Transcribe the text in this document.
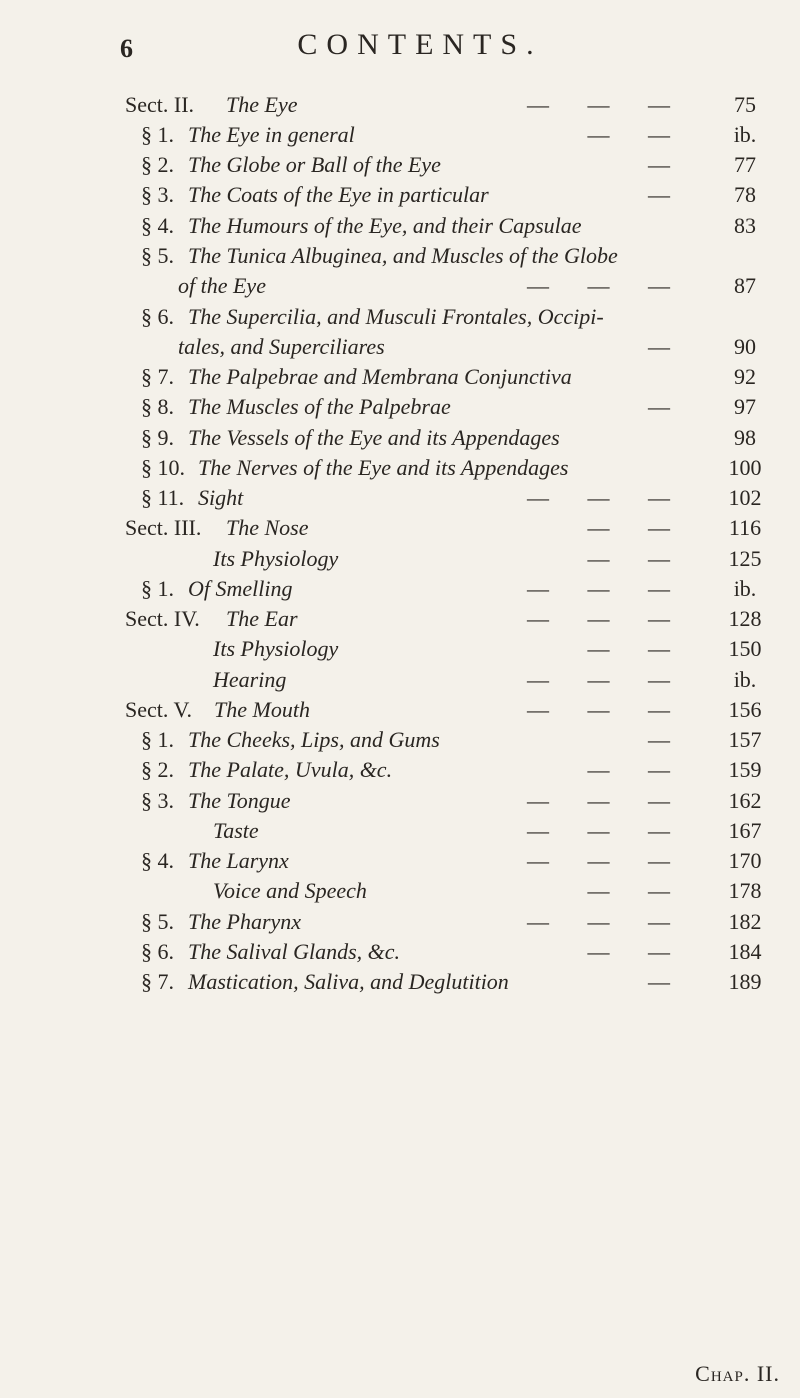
6	CONTENTS.
Sect. II. The Eye	—       —       —	75
§ 1. The Eye in general	—       —	ib.
§ 2. The Globe or Ball of the Eye	—	77
§ 3. The Coats of the Eye in particular	—	78
§ 4. The Humours of the Eye, and their Capsulae	83
§ 5. The Tunica Albuginea, and Muscles of the Globe
of the Eye	—       —       —	87
§ 6. The Supercilia, and Musculi Frontales, Occipi-
tales, and Superciliares	—	90
§ 7. The Palpebrae and Membrana Conjunctiva	92
§ 8. The Muscles of the Palpebrae	—	97
§ 9. The Vessels of the Eye and its Appendages	98
§ 10. The Nerves of the Eye and its Appendages	100
§ 11. Sight	—       —       —	102
Sect. III. The Nose	—       —	116
Its Physiology	—       —	125
§ 1. Of Smelling	—       —       —	ib.
Sect. IV. The Ear	—       —       —	128
Its Physiology	—       —	150
Hearing	—       —       —	ib.
Sect. V. The Mouth	—       —       —	156
§ 1. The Cheeks, Lips, and Gums	—	157
§ 2. The Palate, Uvula, &c.	—       —	159
§ 3. The Tongue	—       —       —	162
Taste	—       —       —	167
§ 4. The Larynx	—       —       —	170
Voice and Speech	—       —	178
§ 5. The Pharynx	—       —       —	182
§ 6. The Salival Glands, &c.	—       —	184
§ 7. Mastication, Saliva, and Deglutition	—	189
Chap. II.
